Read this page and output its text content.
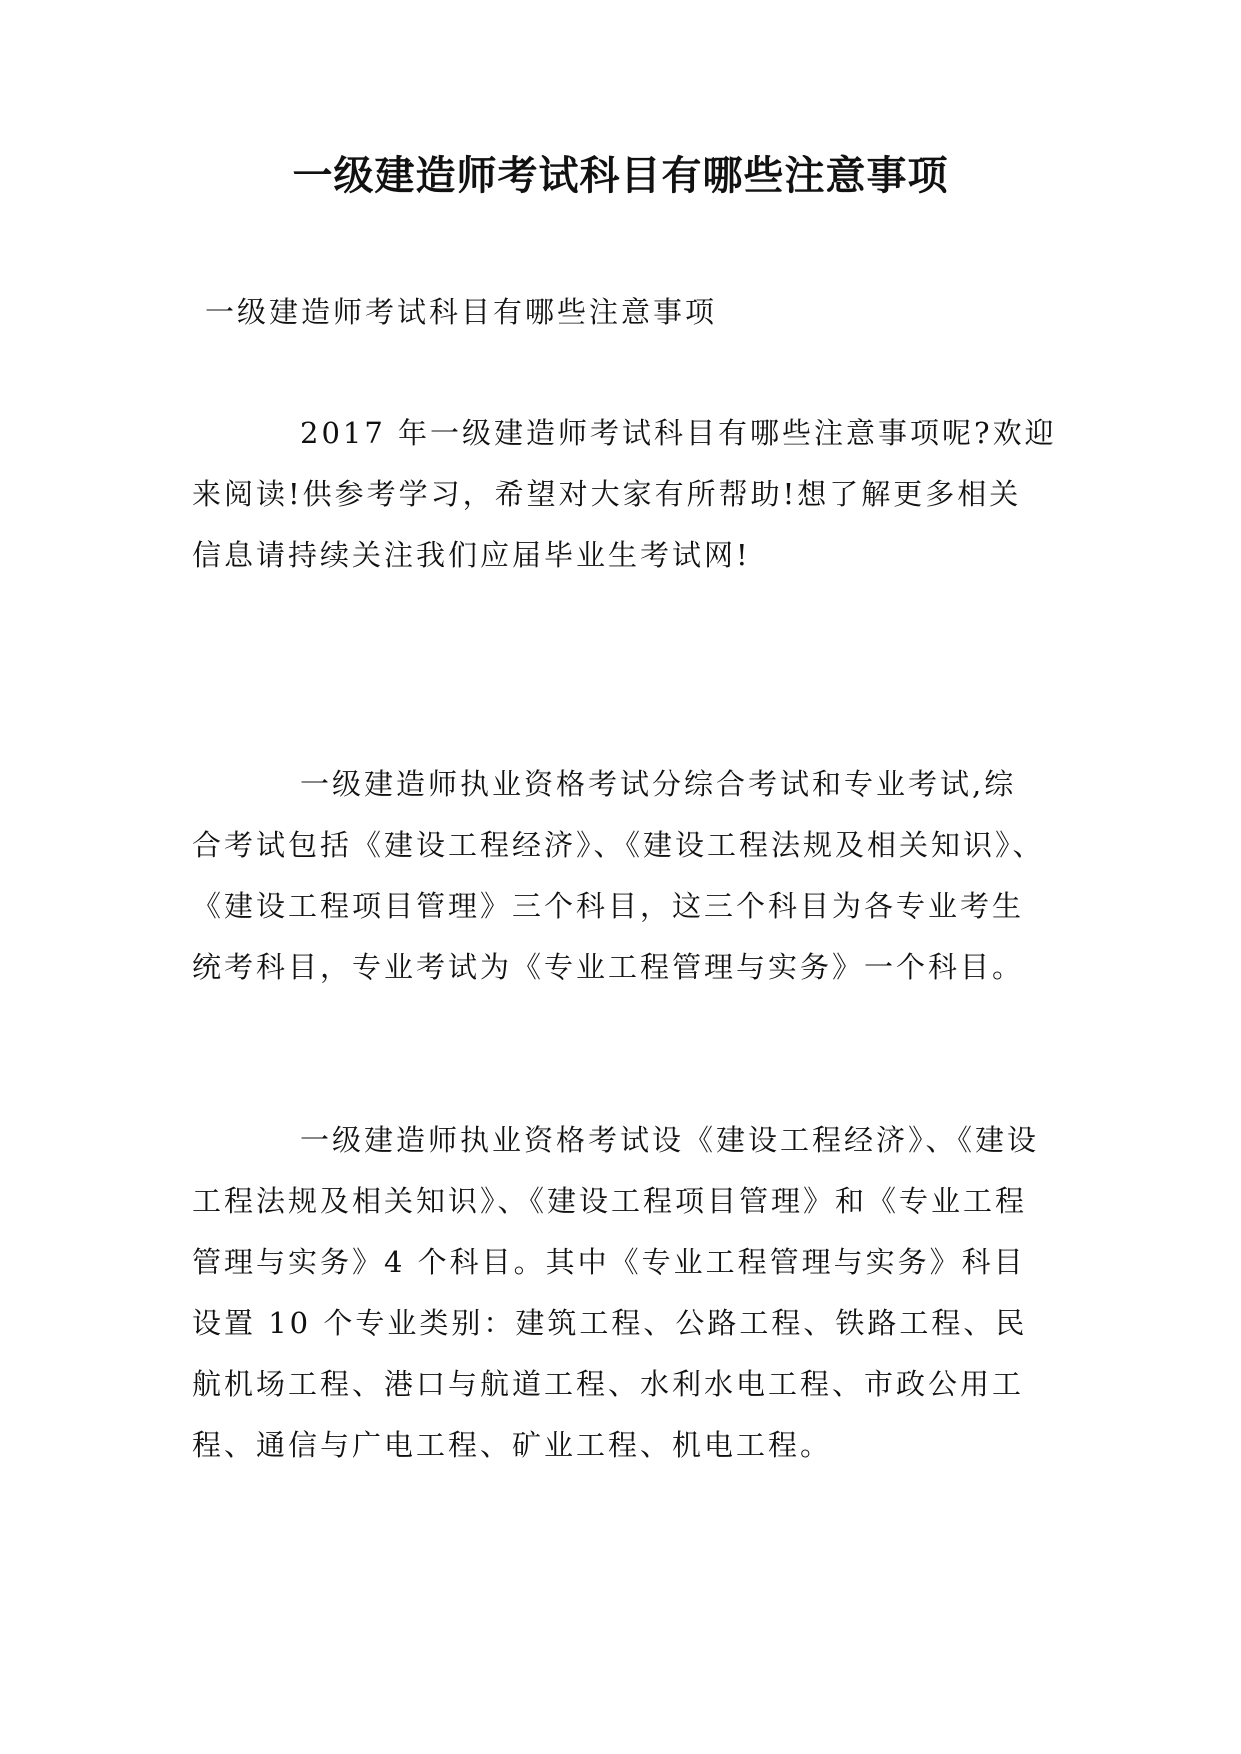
一级建造师考试科目有哪些注意事项

一级建造师考试科目有哪些注意事项

2017 年一级建造师考试科目有哪些注意事项呢?欢迎
来阅读!供参考学习，希望对大家有所帮助!想了解更多相关
信息请持续关注我们应届毕业生考试网!

一级建造师执业资格考试分综合考试和专业考试,综
合考试包括《建设工程经济》、《建设工程法规及相关知识》、
《建设工程项目管理》三个科目，这三个科目为各专业考生
统考科目，专业考试为《专业工程管理与实务》一个科目。

一级建造师执业资格考试设《建设工程经济》、《建设
工程法规及相关知识》、《建设工程项目管理》和《专业工程
管理与实务》4 个科目。其中《专业工程管理与实务》科目
设置 10 个专业类别：建筑工程、公路工程、铁路工程、民
航机场工程、港口与航道工程、水利水电工程、市政公用工
程、通信与广电工程、矿业工程、机电工程。
